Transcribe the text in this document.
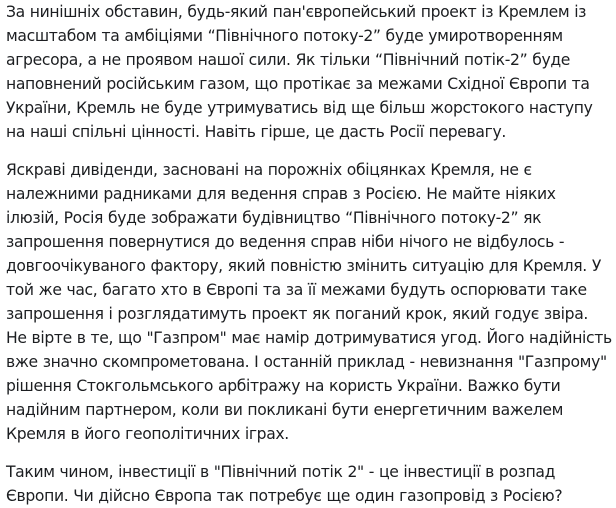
За нинішніх обставин, будь-який пан'європейський проект із Кремлем із масштабом та амбіціями “Північного потоку-2” буде умиротворенням агресора, а не проявом нашої сили. Як тільки “Північний потік-2” буде наповнений російським газом, що протікає за межами Східної Європи та України, Кремль не буде утримуватись від ще більш жорстокого наступу на наші спільні цінності. Навіть гірше, це дасть Росії перевагу.

Яскраві дивіденди, засновані на порожніх обіцянках Кремля, не є належними радниками для ведення справ з Росією. Не майте ніяких ілюзій, Росія буде зображати будівництво “Північного потоку-2” як запрошення повернутися до ведення справ ніби нічого не відбулось - довгоочікуваного фактору, який повністю змінить ситуацію для Кремля. У той же час, багато хто в Європі та за її межами будуть оспорювати таке запрошення і розглядатимуть проект як поганий крок, який годує звіра. Не вірте в те, що "Газпром" має намір дотримуватися угод. Його надійність вже значно скомпрометована. І останній приклад - невизнання "Газпрому" рішення Стокгольмського арбітражу на користь України. Важко бути надійним партнером, коли ви покликані бути енергетичним важелем Кремля в його геополітичних іграх.

Таким чином, інвестиції в "Північний потік 2" - це інвестиції в розпад Європи. Чи дійсно Європа так потребує ще один газопровід з Росією?
